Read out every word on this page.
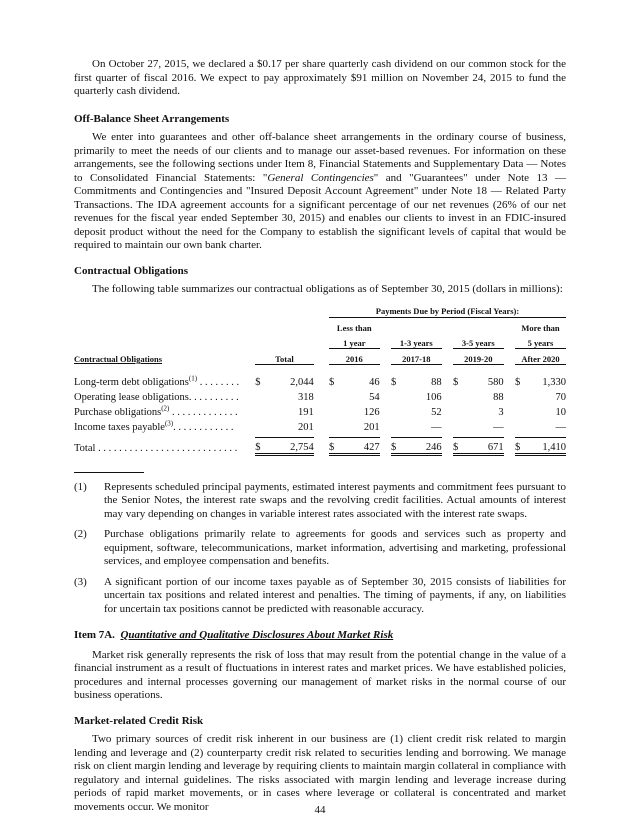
On October 27, 2015, we declared a $0.17 per share quarterly cash dividend on our common stock for the first quarter of fiscal 2016. We expect to pay approximately $91 million on November 24, 2015 to fund the quarterly cash dividend.

Off-Balance Sheet Arrangements

We enter into guarantees and other off-balance sheet arrangements in the ordinary course of business, primarily to meet the needs of our clients and to manage our asset-based revenues. For information on these arrangements, see the following sections under Item 8, Financial Statements and Supplementary Data — Notes to Consolidated Financial Statements: "General Contingencies" and "Guarantees" under Note 13 — Commitments and Contingencies and "Insured Deposit Account Agreement" under Note 18 — Related Party Transactions. The IDA agreement accounts for a significant percentage of our net revenues (26% of our net revenues for the fiscal year ended September 30, 2015) and enables our clients to invest in an FDIC-insured deposit product without the need for the Company to establish the significant levels of capital that would be required to maintain our own bank charter.

Contractual Obligations

The following table summarizes our contractual obligations as of September 30, 2015 (dollars in millions):

				Payments Due by Period (Fiscal Years):										
				Less than									More than	
				1 year			1-3 years			3-5 years			5 years	
Contractual Obligations	Total			2016			2017-18			2019-20			After 2020	

Long-term debt obligations$^{(1)}$ . . . . . . . .	$	2,044		$	46		$	88		$	580		$	1,330
Operating lease obligations. . . . . . . . . .		318			54			106			88			70
Purchase obligations$^{(2)}$ . . . . . . . . . . . . .		191			126			52			3			10
Income taxes payable$^{(3)}$. . . . . . . . . . . .		201			201			—			—			—

Total . . . . . . . . . . . . . . . . . . . . . . . . . . .	$	2,754		$	427		$	246		$	671		$	1,410
(1)	Represents scheduled principal payments, estimated interest payments and commitment fees pursuant to the Senior Notes, the interest rate swaps and the revolving credit facilities. Actual amounts of interest may vary depending on changes in variable interest rates associated with the interest rate swaps.
(2)	Purchase obligations primarily relate to agreements for goods and services such as property and equipment, software, telecommunications, market information, advertising and marketing, professional services, and employee compensation and benefits.
(3)	A significant portion of our income taxes payable as of September 30, 2015 consists of liabilities for uncertain tax positions and related interest and penalties. The timing of payments, if any, on liabilities for uncertain tax positions cannot be predicted with reasonable accuracy.
Item 7A. Quantitative and Qualitative Disclosures About Market Risk

Market risk generally represents the risk of loss that may result from the potential change in the value of a financial instrument as a result of fluctuations in interest rates and market prices. We have established policies, procedures and internal processes governing our management of market risks in the normal course of our business operations.

Market-related Credit Risk

Two primary sources of credit risk inherent in our business are (1) client credit risk related to margin lending and leverage and (2) counterparty credit risk related to securities lending and borrowing. We manage risk on client margin lending and leverage by requiring clients to maintain margin collateral in compliance with regulatory and internal guidelines. The risks associated with margin lending and leverage increase during periods of rapid market movements, or in cases where leverage or collateral is concentrated and market movements occur. We monitor	44
